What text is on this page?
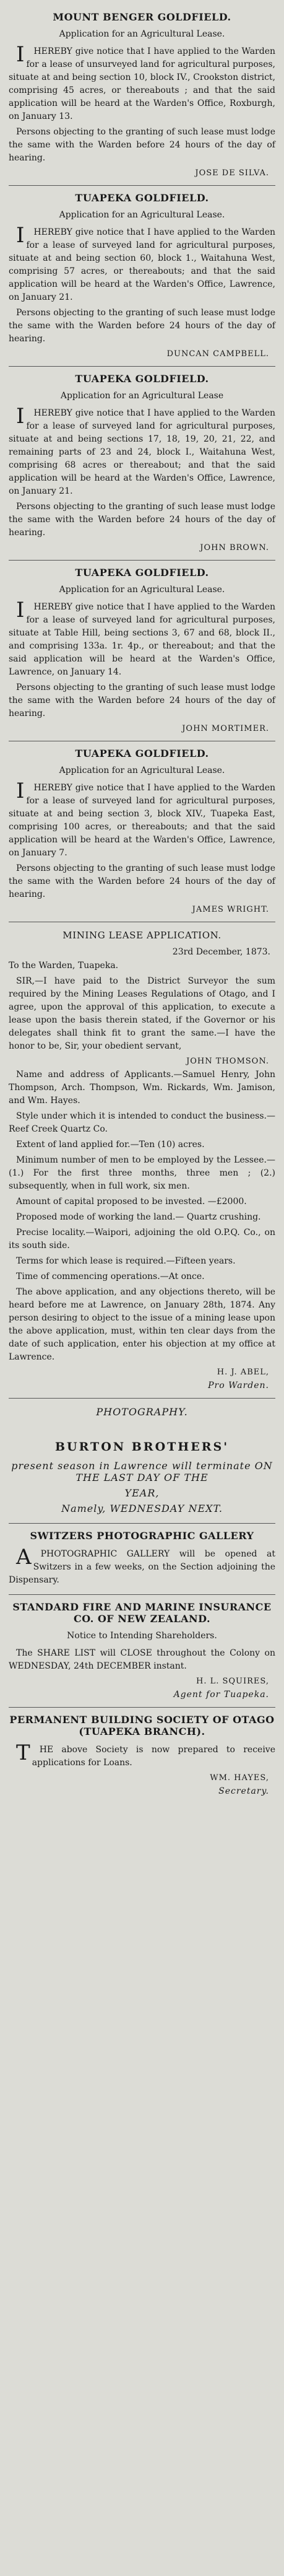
MOUNT BENGER GOLDFIELD.
Application for an Agricultural Lease.
IHEREBY give notice that I have applied to the Warden for a lease of unsurveyed land for agricultural purposes, situate at and being section 10, block IV., Crookston district, comprising 45 acres, or thereabouts ; and that the said application will be heard at the Warden's Office, Roxburgh, on January 13.
Persons objecting to the granting of such lease must lodge the same with the Warden before 24 hours of the day of hearing.
JOSE DE SILVA.
TUAPEKA GOLDFIELD.
Application for an Agricultural Lease.
IHEREBY give notice that I have applied to the Warden for a lease of surveyed land for agricultural purposes, situate at and being section 60, block 1., Waitahuna West, comprising 57 acres, or thereabouts; and that the said application will be heard at the Warden's Office, Lawrence, on January 21.
Persons objecting to the granting of such lease must lodge the same with the Warden before 24 hours of the day of hearing.
DUNCAN CAMPBELL.
TUAPEKA GOLDFIELD.
Application for an Agricultural Lease
IHEREBY give notice that I have applied to the Warden for a lease of surveyed land for agricultural purposes, situate at and being sections 17, 18, 19, 20, 21, 22, and remaining parts of 23 and 24, block I., Waitahuna West, comprising 68 acres or thereabout; and that the said application will be heard at the Warden's Office, Lawrence, on January 21.
Persons objecting to the granting of such lease must lodge the same with the Warden before 24 hours of the day of hearing.
JOHN BROWN.
TUAPEKA GOLDFIELD.
Application for an Agricultural Lease.
IHEREBY give notice that I have applied to the Warden for a lease of surveyed land for agricultural purposes, situate at Table Hill, being sections 3, 67 and 68, block II., and comprising 133a. 1r. 4p., or thereabout; and that the said application will be heard at the Warden's Office, Lawrence, on January 14.
Persons objecting to the granting of such lease must lodge the same with the Warden before 24 hours of the day of hearing.
JOHN MORTIMER.
TUAPEKA GOLDFIELD.
Application for an Agricultural Lease.
IHEREBY give notice that I have applied to the Warden for a lease of surveyed land for agricultural purposes, situate at and being section 3, block XIV., Tuapeka East, comprising 100 acres, or thereabouts; and that the said application will be heard at the Warden's Office, Lawrence, on January 7.
Persons objecting to the granting of such lease must lodge the same with the Warden before 24 hours of the day of hearing.
JAMES WRIGHT.
MINING LEASE APPLICATION.
23rd December, 1873.
To the Warden, Tuapeka.
SIR,—I have paid to the District Surveyor the sum required by the Mining Leases Regulations of Otago, and I agree, upon the approval of this application, to execute a lease upon the basis therein stated, if the Governor or his delegates shall think fit to grant the same.—I have the honor to be, Sir, your obedient servant,
JOHN THOMSON.
Name and address of Applicants.—Samuel Henry, John Thompson, Arch. Thompson, Wm. Rickards, Wm. Jamison, and Wm. Hayes.
Style under which it is intended to conduct the business.—Reef Creek Quartz Co.
Extent of land applied for.—Ten (10) acres.
Minimum number of men to be employed by the Lessee.—(1.) For the first three months, three men ; (2.) subsequently, when in full work, six men.
Amount of capital proposed to be invested. —£2000.
Proposed mode of working the land.— Quartz crushing.
Precise locality.—Waipori, adjoining the old O.P.Q. Co., on its south side.
Terms for which lease is required.—Fifteen years.
Time of commencing operations.—At once.
The above application, and any objections thereto, will be heard before me at Lawrence, on January 28th, 1874. Any person desiring to object to the issue of a mining lease upon the above application, must, within ten clear days from the date of such application, enter his objection at my office at Lawrence.
H. J. ABEL,
Pro Warden.
PHOTOGRAPHY.
BURTON BROTHERS'
present season in Lawrence will terminate ON THE LAST DAY OF THE
YEAR,
Namely, WEDNESDAY NEXT.
SWITZERS PHOTOGRAPHIC GALLERY
APHOTOGRAPHIC GALLERY will be opened at Switzers in a few weeks, on the Section adjoining the Dispensary.
STANDARD FIRE AND MARINE INSURANCE CO. OF NEW ZEALAND.
Notice to Intending Shareholders.
The SHARE LIST will CLOSE throughout the Colony on WEDNESDAY, 24th DECEMBER instant.
H. L. SQUIRES,
Agent for Tuapeka.
PERMANENT BUILDING SOCIETY OF OTAGO (TUAPEKA BRANCH).
THE above Society is now prepared to receive applications for Loans.
WM. HAYES,
Secretary.
